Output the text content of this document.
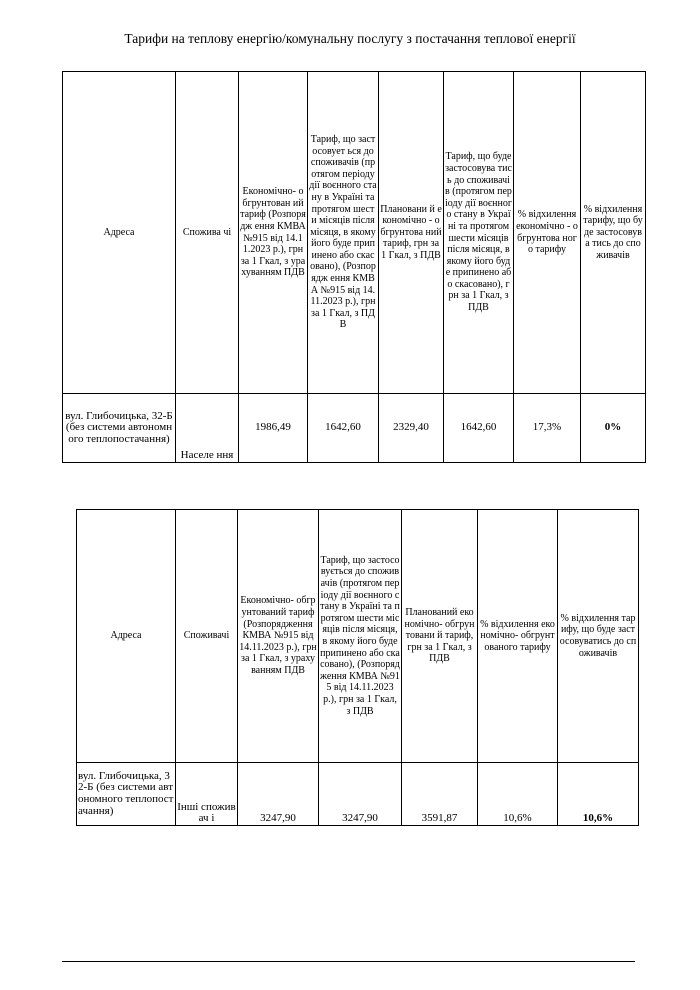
Тарифи на теплову енергію/комунальну послугу з постачання теплової енергії
Адреса	Спожива чі	Економічно- обгрунтован ий тариф (Розпорядж ення КМВА №915 від 14.11.2023 р.), грн за 1 Гкал, з урахуванням ПДВ	Тариф, що застосовует ься до споживачів (протягом періоду дії воєнного стану в Україні та протягом шести місяців після місяця, в якому його буде припинено або скасовано), (Розпорядж ення КМВА №915 від 14.11.2023 р.), грн за 1 Гкал, з ПДВ	Плановани й економічно - обгрунтова ний тариф, грн за 1 Гкал, з ПДВ	Тариф, що буде застосовува тись до споживачів (протягом періоду дії воєнного стану в Україні та протягом шести місяців після місяця, в якому його буде припинено або скасовано), грн за 1 Гкал, з ПДВ	% відхилення економічно - обгрунтова ного тарифу	% відхилення тарифу, що буде застосовува тись до споживачів
вул. Глибочицька, 32-Б (без системи автономного теплопостачання)	Населе ння	1986,49	1642,60	2329,40	1642,60	17,3%	0%
Адреса	Споживачі	Економічно- обгрунтований тариф (Розпорядження КМВА №915 від 14.11.2023 р.), грн за 1 Гкал, з урахуванням ПДВ	Тариф, що застосовується до споживачів (протягом періоду дії воєнного стану в Україні та протягом шести місяців після місяця, в якому його буде припинено або скасовано), (Розпорядження КМВА №915 від 14.11.2023 р.), грн за 1 Гкал, з ПДВ	Планований економічно- обгрунтовани й тариф, грн за 1 Гкал, з ПДВ	% відхилення економічно- обгрунтованого тарифу	% відхилення тарифу, що буде застосовуватись до споживачів
вул. Глибочицька, 32-Б (без системи автономного теплопостачання)	Інші споживач і	3247,90	3247,90	3591,87	10,6%	10,6%
